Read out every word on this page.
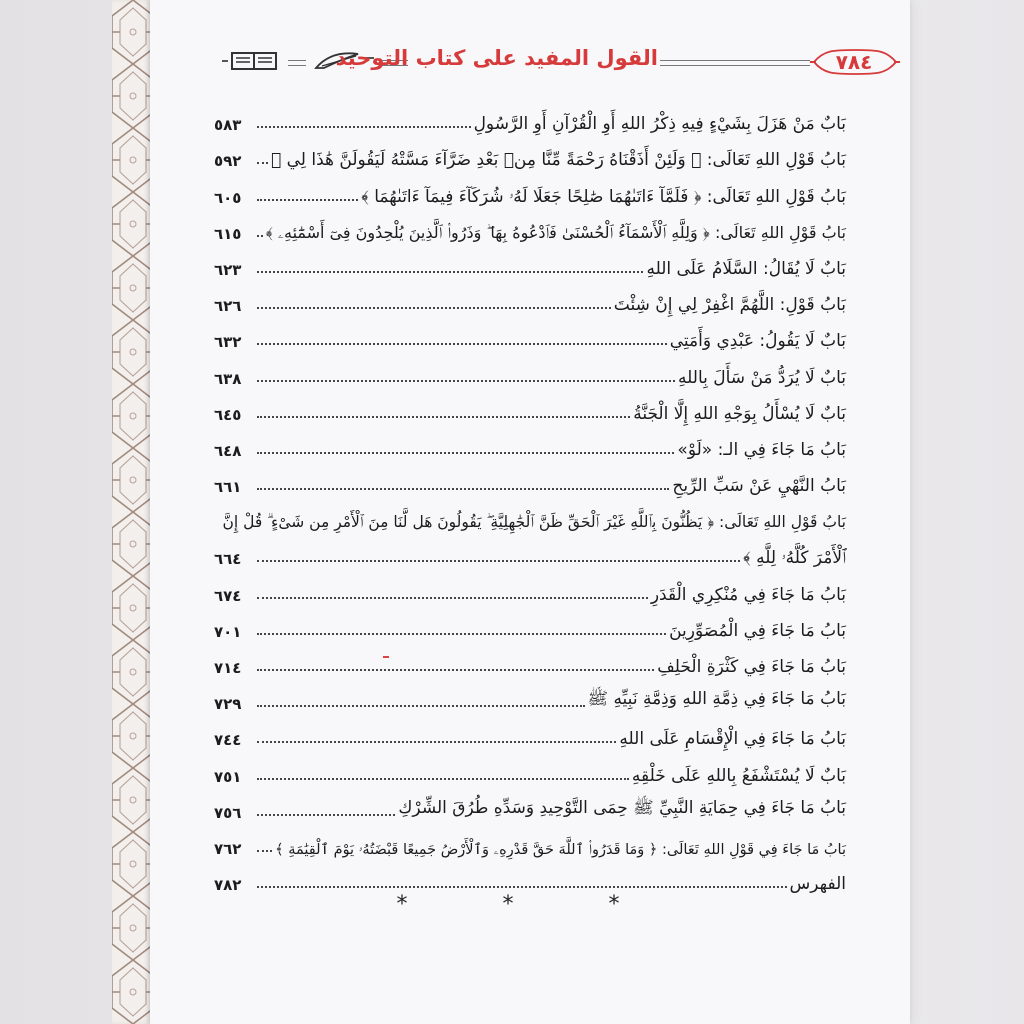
القول المفيد على كتاب التوحيد	٧٨٤
بَابٌ مَنْ هَزَلَ بِشَيْءٍ فِيهِ ذِكْرُ اللهِ أَوِ الْقُرْآنِ أَوِ الرَّسُولِ
٥٨٣
بَابُ قَوْلِ اللهِ تَعَالَى: ﴿ وَلَئِنْ أَذَقْنَاهُ رَحْمَةً مِّنَّا مِنۢ بَعْدِ ضَرَّآءَ مَسَّتْهُ لَيَقُولَنَّ هَٰذَا لِي ﴾
٥٩٢
بَابُ قَوْلِ اللهِ تَعَالَى: ﴿ فَلَمَّآ ءَاتَىٰهُمَا صَٰلِحًا جَعَلَا لَهُۥ شُرَكَآءَ فِيمَآ ءَاتَىٰهُمَا ﴾
٦٠٥
بَابُ قَوْلِ اللهِ تَعَالَى: ﴿ وَلِلَّهِ ٱلْأَسْمَآءُ ٱلْحُسْنَىٰ فَٱدْعُوهُ بِهَا ۖ وَذَرُوا۟ ٱلَّذِينَ يُلْحِدُونَ فِىٓ أَسْمَٰٓئِهِۦ ﴾
٦١٥
بَابٌ لَا يُقَالُ: السَّلَامُ عَلَى اللهِ
٦٢٣
بَابُ قَوْلِ: اللَّهُمَّ اغْفِرْ لِي إِنْ شِئْتَ
٦٢٦
بَابٌ لَا يَقُولُ: عَبْدِي وَأَمَتِي
٦٣٢
بَابٌ لَا يُرَدُّ مَنْ سَأَلَ بِاللهِ
٦٣٨
بَابٌ لَا يُسْأَلُ بِوَجْهِ اللهِ إِلَّا الْجَنَّةُ
٦٤٥
بَابُ مَا جَاءَ فِي الـ: «لَوْ»
٦٤٨
بَابُ النَّهْيِ عَنْ سَبِّ الرِّيحِ
٦٦١
بَابُ قَوْلِ اللهِ تَعَالَى: ﴿ يَظُنُّونَ بِٱللَّهِ غَيْرَ ٱلْحَقِّ ظَنَّ ٱلْجَٰهِلِيَّةِ ۖ يَقُولُونَ هَل لَّنَا مِنَ ٱلْأَمْرِ مِن شَىْءٍ ۗ قُلْ إِنَّ
ٱلْأَمْرَ كُلَّهُۥ لِلَّهِ ﴾
٦٦٤
بَابُ مَا جَاءَ فِي مُنْكِرِي الْقَدَرِ
٦٧٤
بَابُ مَا جَاءَ فِي الْمُصَوِّرِينَ
٧٠١
بَابُ مَا جَاءَ فِي كَثْرَةِ الْحَلِفِ
٧١٤
بَابُ مَا جَاءَ فِي ذِمَّةِ اللهِ وَذِمَّةِ نَبِيِّهِ ﷺ
٧٢٩
بَابُ مَا جَاءَ فِي الْإِقْسَامِ عَلَى اللهِ
٧٤٤
بَابٌ لَا يُسْتَشْفَعُ بِاللهِ عَلَى خَلْقِهِ
٧٥١
بَابُ مَا جَاءَ فِي حِمَايَةِ النَّبِيِّ ﷺ حِمَى التَّوْحِيدِ وَسَدِّهِ طُرُقَ الشِّرْكِ
٧٥٦
بَابُ مَا جَاءَ فِي قَوْلِ اللهِ تَعَالَى: ﴿ وَمَا قَدَرُوا۟ ٱللَّهَ حَقَّ قَدْرِهِۦ وَٱلْأَرْضُ جَمِيعًا قَبْضَتُهُۥ يَوْمَ ٱلْقِيَٰمَةِ ﴾
٧٦٢
الفهرس
٧٨٢
* * *
